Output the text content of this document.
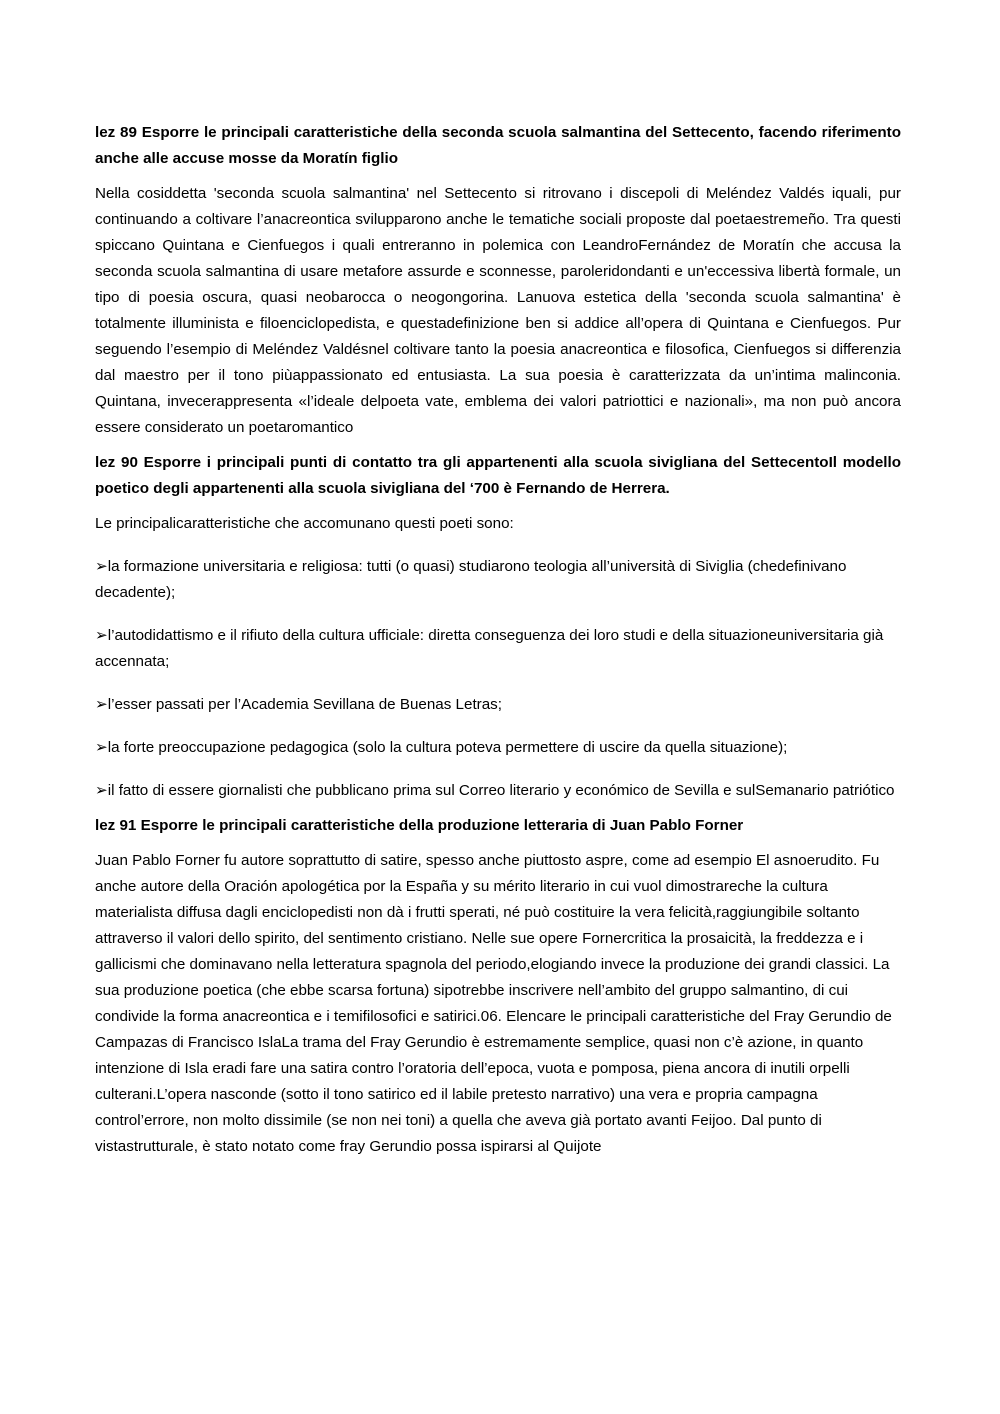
lez 89 Esporre le principali caratteristiche della seconda scuola salmantina del Settecento, facendo riferimento anche alle accuse mosse da Moratín figlio

Nella cosiddetta 'seconda scuola salmantina' nel Settecento si ritrovano i discepoli di Meléndez Valdés iquali, pur continuando a coltivare l’anacreontica svilupparono anche le tematiche sociali proposte dal poetaestremeño. Tra questi spiccano Quintana e Cienfuegos i quali entreranno in polemica con LeandroFernández de Moratín che accusa la seconda scuola salmantina di usare metafore assurde e sconnesse, paroleridondanti e un'eccessiva libertà formale, un tipo di poesia oscura, quasi neobarocca o neogongorina. Lanuova estetica della 'seconda scuola salmantina' è totalmente illuminista e filoenciclopedista, e questadefinizione ben si addice all’opera di Quintana e Cienfuegos. Pur seguendo l’esempio di Meléndez Valdésnel coltivare tanto la poesia anacreontica e filosofica, Cienfuegos si differenzia dal maestro per il tono piùappassionato ed entusiasta. La sua poesia è caratterizzata da un’intima malinconia. Quintana, invecerappresenta «l’ideale delpoeta vate, emblema dei valori patriottici e nazionali», ma non può ancora essere considerato un poetaromantico

lez 90 Esporre i principali punti di contatto tra gli appartenenti alla scuola sivigliana del SettecentoIl modello poetico degli appartenenti alla scuola sivigliana del ‘700 è Fernando de Herrera.

Le principalicaratteristiche che accomunano questi poeti sono:

➢la formazione universitaria e religiosa: tutti (o quasi) studiarono teologia all’università di Siviglia (chedefinivano decadente);

➢l’autodidattismo e il rifiuto della cultura ufficiale: diretta conseguenza dei loro studi e della situazioneuniversitaria già accennata;

➢l’esser passati per l’Academia Sevillana de Buenas Letras;

➢la forte preoccupazione pedagogica (solo la cultura poteva permettere di uscire da quella situazione);

➢il fatto di essere giornalisti che pubblicano prima sul Correo literario y económico de Sevilla e sulSemanario patriótico

lez 91 Esporre le principali caratteristiche della produzione letteraria di Juan Pablo Forner

Juan Pablo Forner fu autore soprattutto di satire, spesso anche piuttosto aspre, come ad esempio El asnoerudito. Fu anche autore della Oración apologética por la España y su mérito literario in cui vuol dimostrareche la cultura materialista diffusa dagli enciclopedisti non dà i frutti sperati, né può costituire la vera felicità,raggiungibile soltanto attraverso il valori dello spirito, del sentimento cristiano. Nelle sue opere Fornercritica la prosaicità, la freddezza e i gallicismi che dominavano nella letteratura spagnola del periodo,elogiando invece la produzione dei grandi classici. La sua produzione poetica (che ebbe scarsa fortuna) sipotrebbe inscrivere nell’ambito del gruppo salmantino, di cui condivide la forma anacreontica e i temifilosofici e satirici.06. Elencare le principali caratteristiche del Fray Gerundio de Campazas di Francisco IslaLa trama del Fray Gerundio è estremamente semplice, quasi non c’è azione, in quanto intenzione di Isla eradi fare una satira contro l’oratoria dell’epoca, vuota e pomposa, piena ancora di inutili orpelli culterani.L’opera nasconde (sotto il tono satirico ed il labile pretesto narrativo) una vera e propria campagna control’errore, non molto dissimile (se non nei toni) a quella che aveva già portato avanti Feijoo. Dal punto di vistastrutturale, è stato notato come fray Gerundio possa ispirarsi al Quijote
